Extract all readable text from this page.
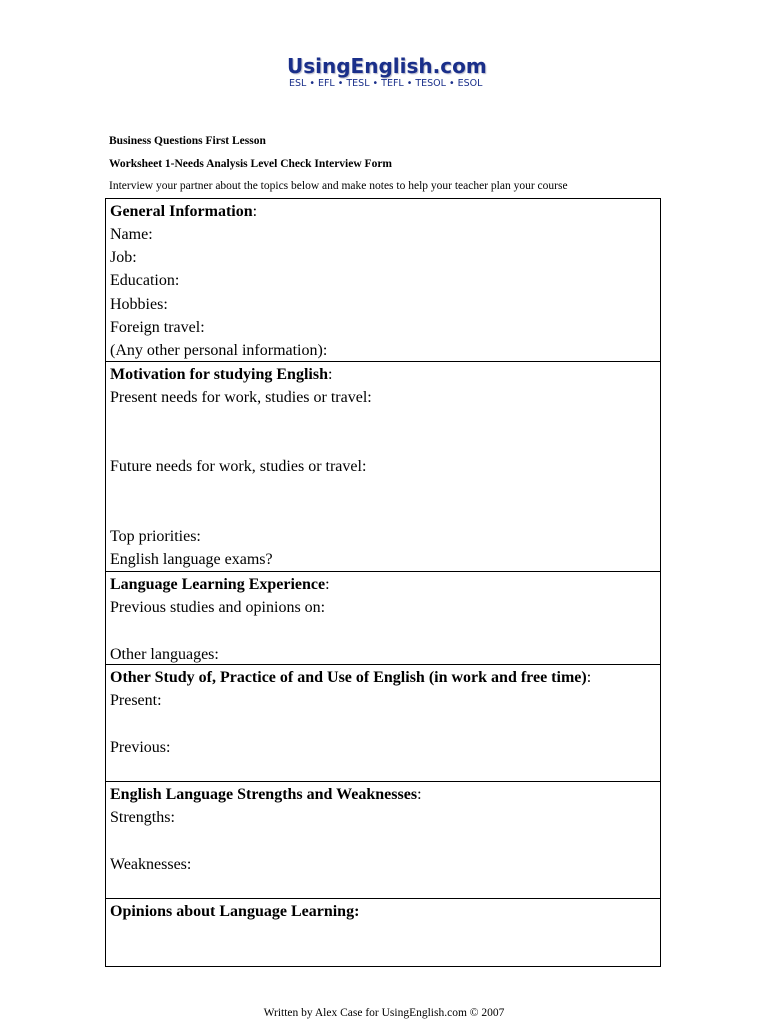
UsingEnglish.com
ESL • EFL • TESL • TEFL • TESOL • ESOL
Business Questions First Lesson
Worksheet 1-Needs Analysis Level Check Interview Form
Interview your partner about the topics below and make notes to help your teacher plan your course
General Information:
Name:
Job:
Education:
Hobbies:
Foreign travel:
(Any other personal information):
Motivation for studying English:
Present needs for work, studies or travel:
Future needs for work, studies or travel:
Top priorities:
English language exams?
Language Learning Experience:
Previous studies and opinions on:
Other languages:
Other Study of, Practice of and Use of English (in work and free time):
Present:
Previous:
English Language Strengths and Weaknesses:
Strengths:
Weaknesses:
Opinions about Language Learning:
Written by Alex Case for UsingEnglish.com © 2007
